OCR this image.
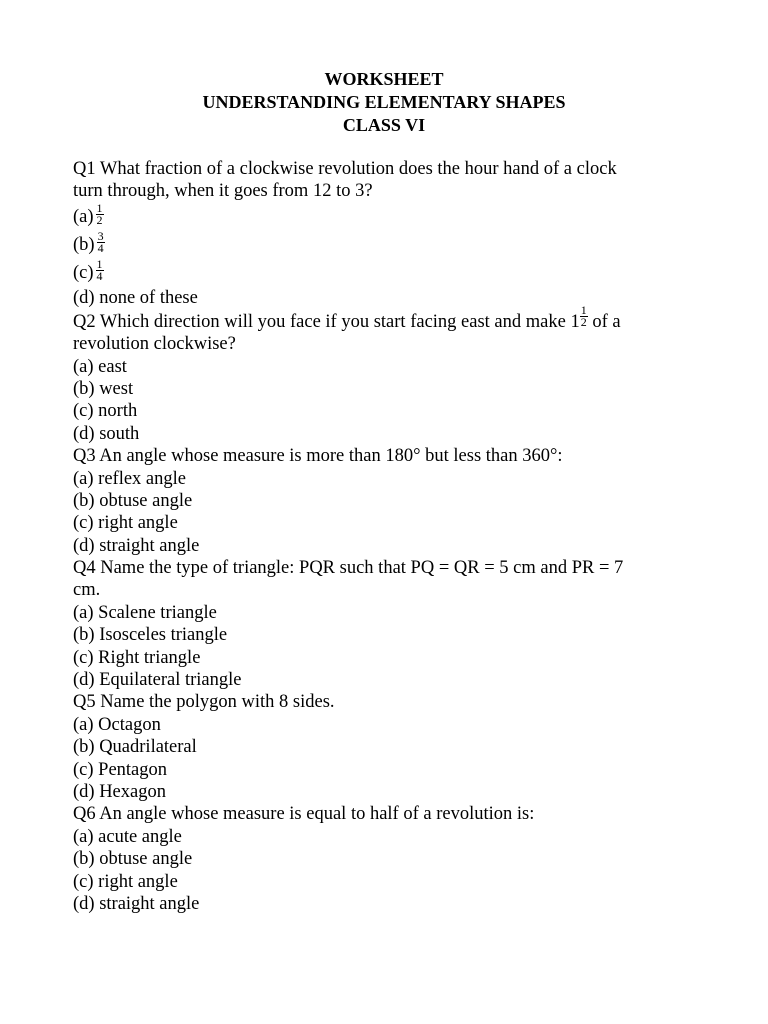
WORKSHEET
UNDERSTANDING ELEMENTARY SHAPES
CLASS VI
Q1 What fraction of a clockwise revolution does the hour hand of a clock
turn through, when it goes from 12 to 3?
$(a) \frac{1}{2}$
$(b) \frac{3}{4}$
$(c) \frac{1}{4}$
(d) none of these
Q2 Which direction will you face if you start facing east and make $1 \frac{1}{2}$ of a
revolution clockwise?
(a) east
(b) west
(c) north
(d) south
Q3 An angle whose measure is more than 180° but less than 360°:
(a) reflex angle
(b) obtuse angle
(c) right angle
(d) straight angle
Q4 Name the type of triangle: PQR such that PQ = QR = 5 cm and PR = 7
cm.
(a) Scalene triangle
(b) Isosceles triangle
(c) Right triangle
(d) Equilateral triangle
Q5 Name the polygon with 8 sides.
(a) Octagon
(b) Quadrilateral
(c) Pentagon
(d) Hexagon
Q6 An angle whose measure is equal to half of a revolution is:
(a) acute angle
(b) obtuse angle
(c) right angle
(d) straight angle
